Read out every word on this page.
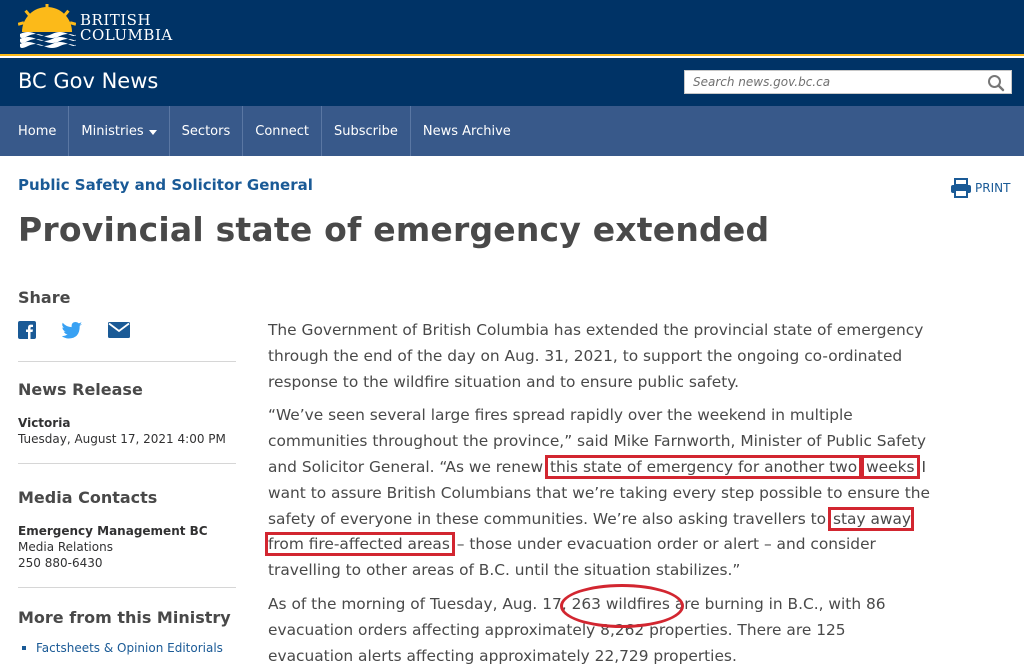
BRITISH
COLUMBIA
BC Gov News
Search news.gov.bc.ca
Home Ministries	Sectors Connect Subscribe News Archive
Public Safety and Solicitor General	PRINT
Provincial state of emergency extended
Share
News Release
Victoria
Tuesday, August 17, 2021 4:00 PM
Media Contacts
Emergency Management BC
Media Relations
250 880-6430
More from this Ministry
Factsheets & Opinion Editorials

The Government of British Columbia has extended the provincial state of emergency through the end of the day on Aug. 31, 2021, to support the ongoing co-ordinated response to the wildfire situation and to ensure public safety.

“We’ve seen several large fires spread rapidly over the weekend in multiple communities throughout the province,” said Mike Farnworth, Minister of Public Safety and Solicitor General. “As we renew this state of emergency for another two weeks I want to assure British Columbians that we’re taking every step possible to ensure the safety of everyone in these communities. We’re also asking travellers to stay away from fire-affected areas – those under evacuation order or alert – and consider travelling to other areas of B.C. until the situation stabilizes.”

As of the morning of Tuesday, Aug. 17, 263 wildfires are burning in B.C., with 86 evacuation orders affecting approximately 8,262 properties. There are 125 evacuation alerts affecting approximately 22,729 properties.
